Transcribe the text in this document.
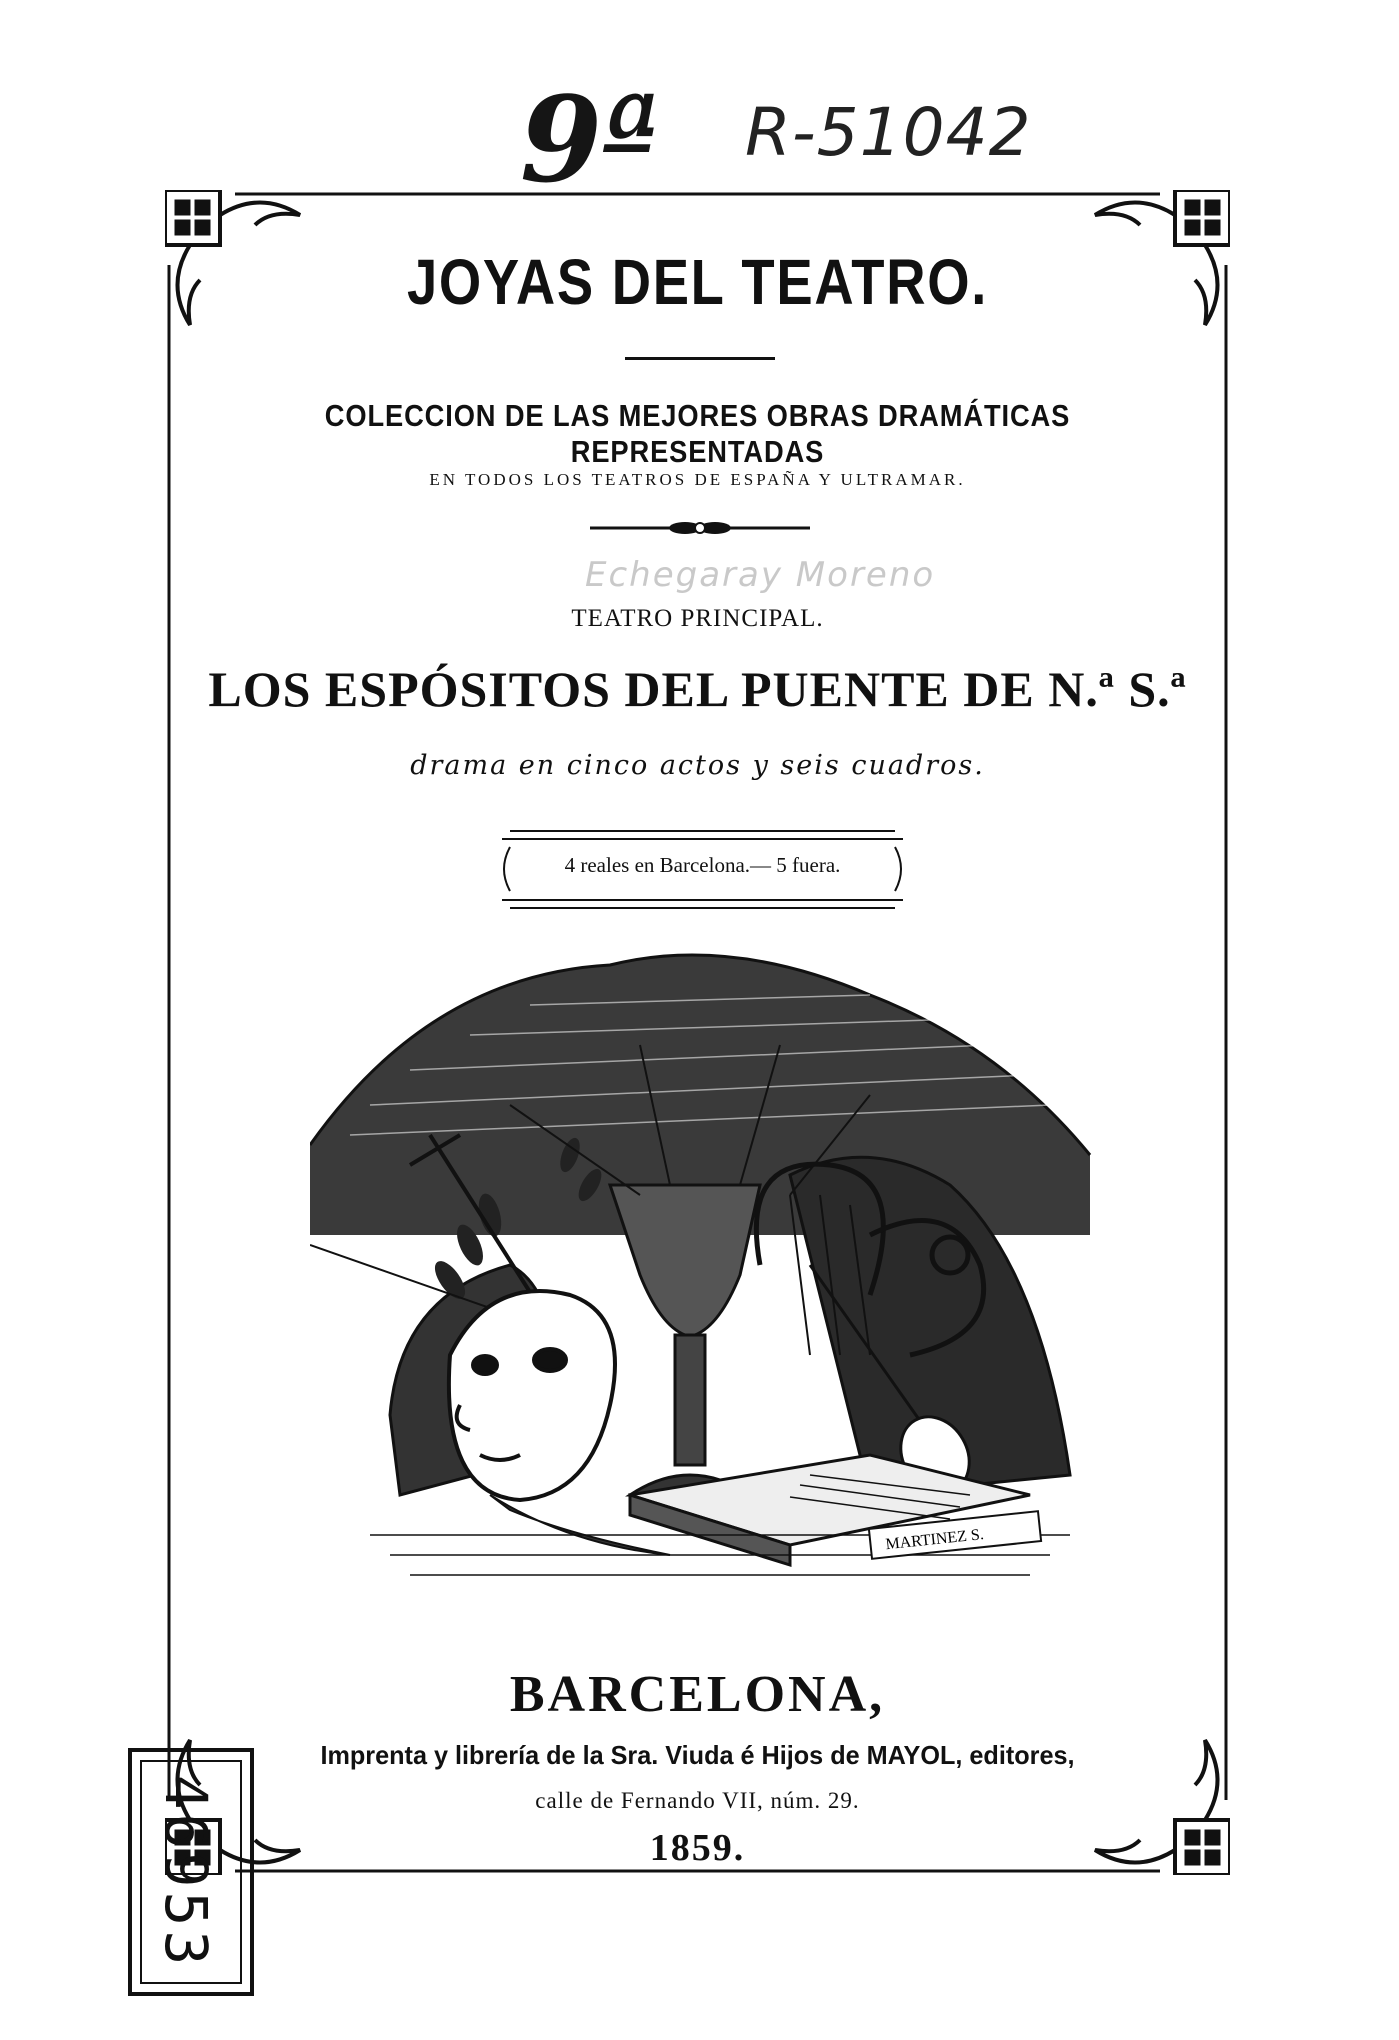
9ª R-51042
JOYAS DEL TEATRO.
COLECCION DE LAS MEJORES OBRAS DRAMÁTICAS REPRESENTADAS
EN TODOS LOS TEATROS DE ESPAÑA Y ULTRAMAR.
Echegaray Moreno
TEATRO PRINCIPAL.
LOS ESPÓSITOS DEL PUENTE DE N.ª S.ª
drama en cinco actos y seis cuadros.
4 reales en Barcelona.— 5 fuera.
MARTINEZ S.
BARCELONA,
Imprenta y librería de la Sra. Viuda é Hijos de MAYOL, editores,
calle de Fernando VII, núm. 29.
1859.
46953
